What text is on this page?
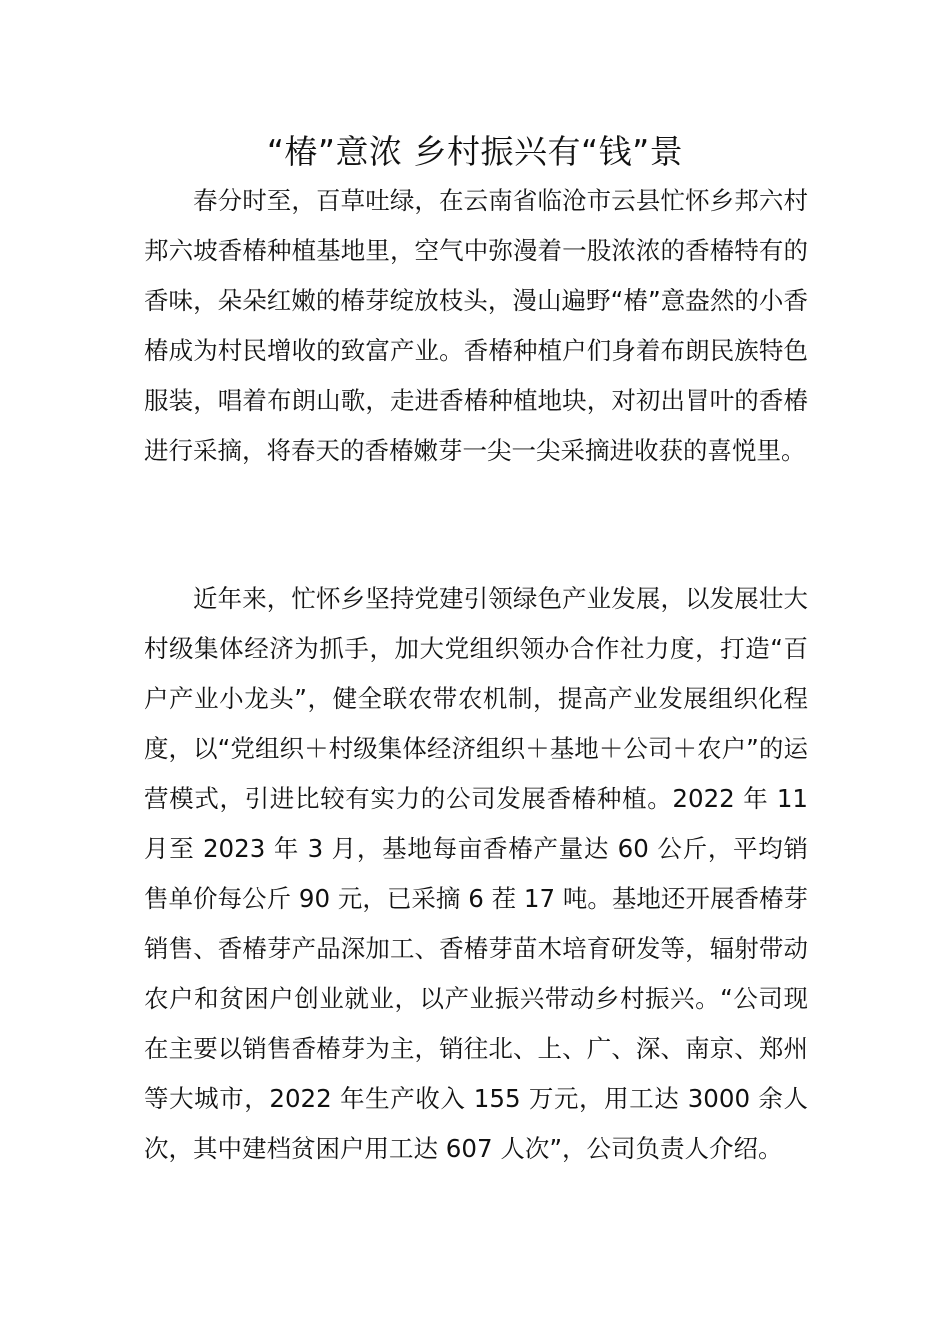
“椿”意浓 乡村振兴有“钱”景

春分时至，百草吐绿，在云南省临沧市云县忙怀乡邦六村邦六坡香椿种植基地里，空气中弥漫着一股浓浓的香椿特有的香味，朵朵红嫩的椿芽绽放枝头，漫山遍野“椿”意盎然的小香椿成为村民增收的致富产业。香椿种植户们身着布朗民族特色服装，唱着布朗山歌，走进香椿种植地块，对初出冒叶的香椿进行采摘，将春天的香椿嫩芽一尖一尖采摘进收获的喜悦里。

近年来，忙怀乡坚持党建引领绿色产业发展，以发展壮大村级集体经济为抓手，加大党组织领办合作社力度，打造“百户产业小龙头”，健全联农带农机制，提高产业发展组织化程度，以“党组织＋村级集体经济组织＋基地＋公司＋农户”的运营模式，引进比较有实力的公司发展香椿种植。2022 年 11 月至 2023 年 3 月，基地每亩香椿产量达 60 公斤，平均销售单价每公斤 90 元，已采摘 6 茬 17 吨。基地还开展香椿芽销售、香椿芽产品深加工、香椿芽苗木培育研发等，辐射带动农户和贫困户创业就业，以产业振兴带动乡村振兴。“公司现在主要以销售香椿芽为主，销往北、上、广、深、南京、郑州等大城市，2022 年生产收入 155 万元，用工达 3000 余人次，其中建档贫困户用工达 607 人次”，公司负责人介绍。
